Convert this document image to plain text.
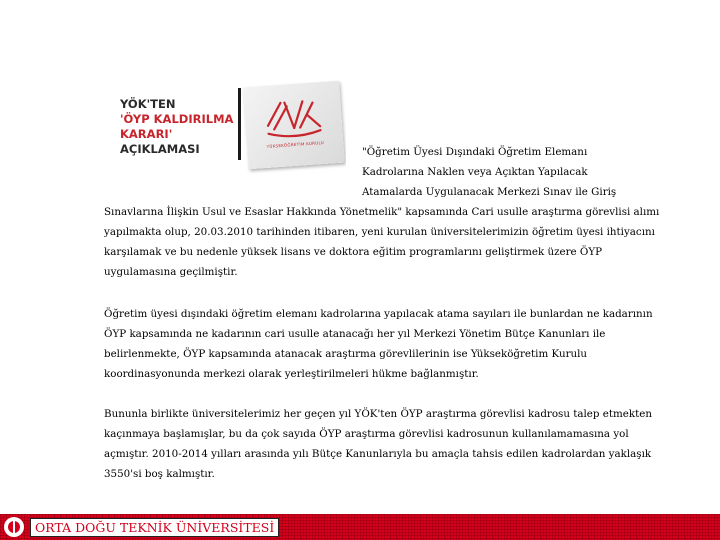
YÖK'TEN
'ÖYP KALDIRILMA
KARARI'
AÇIKLAMASI	YÜKSEKÖĞRETİM KURULU
"Öğretim Üyesi Dışındaki Öğretim Elemanı
Kadrolarına Naklen veya Açıktan Yapılacak
Atamalarda Uygulanacak Merkezi Sınav ile Giriş
Sınavlarına İlişkin Usul ve Esaslar Hakkında Yönetmelik" kapsamında Cari usulle araştırma görevlisi alımı
yapılmakta olup, 20.03.2010 tarihinden itibaren, yeni kurulan üniversitelerimizin öğretim üyesi ihtiyacını
karşılamak ve bu nedenle yüksek lisans ve doktora eğitim programlarını geliştirmek üzere ÖYP
uygulamasına geçilmiştir.
Öğretim üyesi dışındaki öğretim elemanı kadrolarına yapılacak atama sayıları ile bunlardan ne kadarının
ÖYP kapsamında ne kadarının cari usulle atanacağı her yıl Merkezi Yönetim Bütçe Kanunları ile
belirlenmekte, ÖYP kapsamında atanacak araştırma görevlilerinin ise Yükseköğretim Kurulu
koordinasyonunda merkezi olarak yerleştirilmeleri hükme bağlanmıştır.
Bununla birlikte üniversitelerimiz her geçen yıl YÖK'ten ÖYP araştırma görevlisi kadrosu talep etmekten
kaçınmaya başlamışlar, bu da çok sayıda ÖYP araştırma görevlisi kadrosunun kullanılamamasına yol
açmıştır. 2010-2014 yılları arasında yılı Bütçe Kanunlarıyla bu amaçla tahsis edilen kadrolardan yaklaşık
3550'si boş kalmıştır.
ORTA DOĞU TEKNİK ÜNİVERSİTESİ
